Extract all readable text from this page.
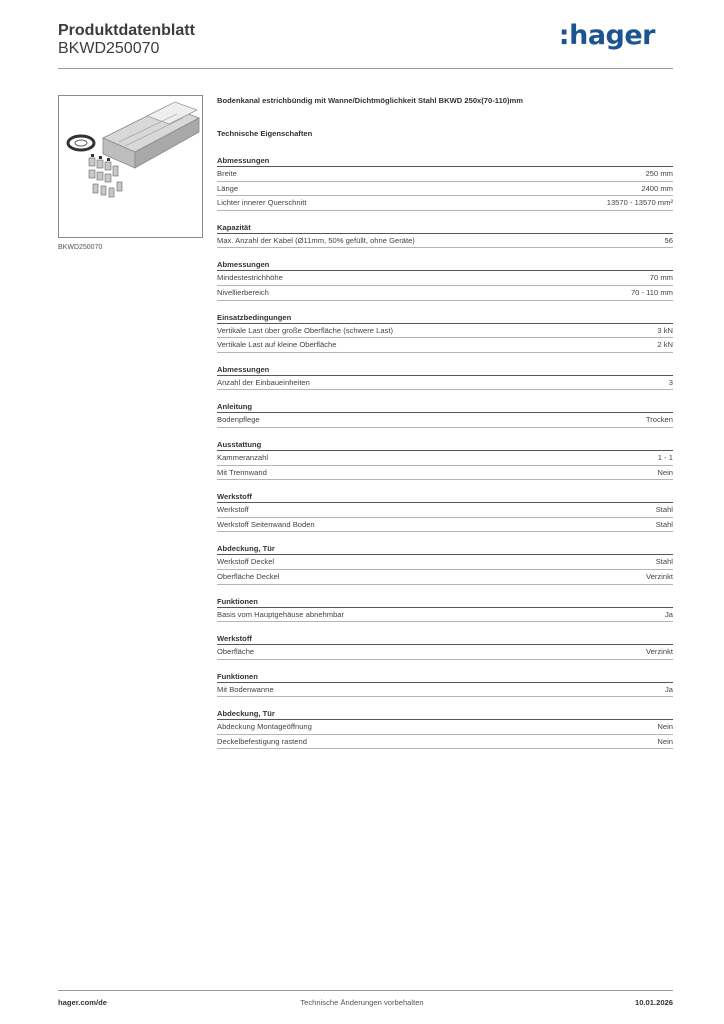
Produktdatenblatt
BKWD250070	:hager
BKWD250070
Bodenkanal estrichbündig mit Wanne/Dichtmöglichkeit Stahl BKWD 250x(70-110)mm
Technische Eigenschaften
Abmessungen
Breite	250 mm
Länge	2400 mm
Lichter innerer Querschnitt	13570 - 13570 mm²
Kapazität
Max. Anzahl der Kabel (Ø11mm, 50% gefüllt, ohne Geräte)	56
Abmessungen
Mindestestrichhöhe	70 mm
Nivellierbereich	70 - 110 mm
Einsatzbedingungen
Vertikale Last über große Oberfläche (schwere Last)	3 kN
Vertikale Last auf kleine Oberfläche	2 kN
Abmessungen
Anzahl der Einbaueinheiten	3
Anleitung
Bodenpflege	Trocken
Ausstattung
Kammeranzahl	1 - 1
Mit Trennwand	Nein
Werkstoff
Werkstoff	Stahl
Werkstoff Seitenwand Boden	Stahl
Abdeckung, Tür
Werkstoff Deckel	Stahl
Oberfläche Deckel	Verzinkt
Funktionen
Basis vom Hauptgehäuse abnehmbar	Ja
Werkstoff
Oberfläche	Verzinkt
Funktionen
Mit Bodenwanne	Ja
Abdeckung, Tür
Abdeckung Montageöffnung	Nein
Deckelbefestigung rastend	Nein
hager.com/de	Technische Änderungen vorbehalten	10.01.2026
